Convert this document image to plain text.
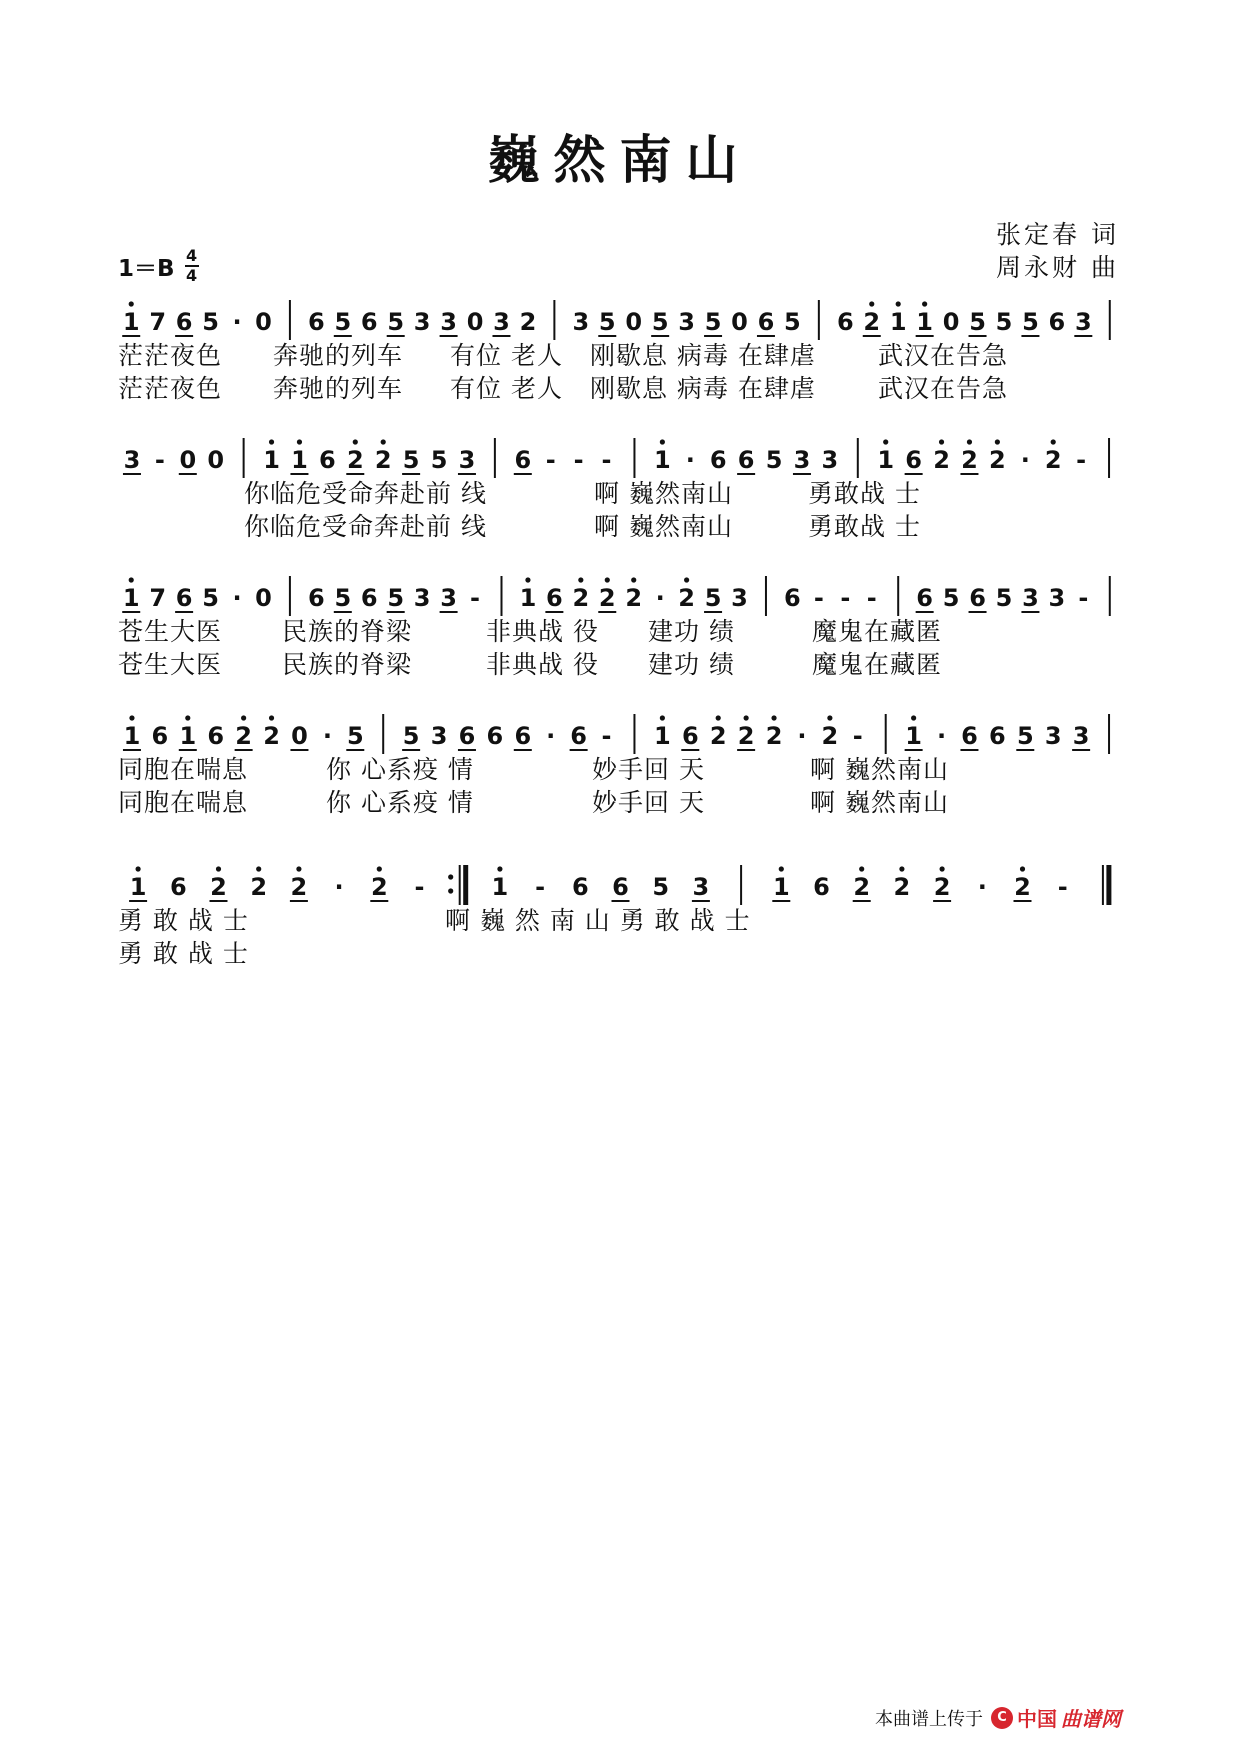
巍然南山
张定春 词
周永财 曲
1＝B 4
4
1 7 6 5 · 0 6 5 6 5 3 3 0 3 2 3 5 0 5 3 5 0 6 5 6 2 1 1 0 5 5 5 6 3
茫茫夜色 奔驰的列车 有位 老人 刚歇息 病毒 在肆虐 武汉在告急
茫茫夜色 奔驰的列车 有位 老人 刚歇息 病毒 在肆虐 武汉在告急
3 - 0 0 1 1 6 2 2 5 5 3 6 - - - 1 · 6 6 5 3 3 1 6 2 2 2 · 2 -
你临危受命奔赴前 线	啊 巍然南山	勇敢战 士
你临危受命奔赴前 线	啊 巍然南山	勇敢战 士
1 7 6 5 · 0 6 5 6 5 3 3 - 1 6 2 2 2 · 2 5 3 6 - - - 6 5 6 5 3 3 -
苍生大医 民族的脊梁	非典战 役 建功 绩	魔鬼在藏匿
苍生大医 民族的脊梁	非典战 役 建功 绩	魔鬼在藏匿
1 6 1 6 2 2 0 · 5 5 3 6 6 6 · 6 - 1 6 2 2 2 · 2 - 1 · 6 6 5 3 3
同胞在喘息	你 心系疫 情	妙手回 天	啊 巍然南山
同胞在喘息	你 心系疫 情	妙手回 天	啊 巍然南山
1 6 2 2 2 · 2 -	1 - 6 6 5 3	1 6 2 2 2 · 2 -
勇 敢 战 士	啊 巍 然 南 山 勇 敢 战 士
勇 敢 战 士
本曲谱上传于	C 中国 曲谱网
